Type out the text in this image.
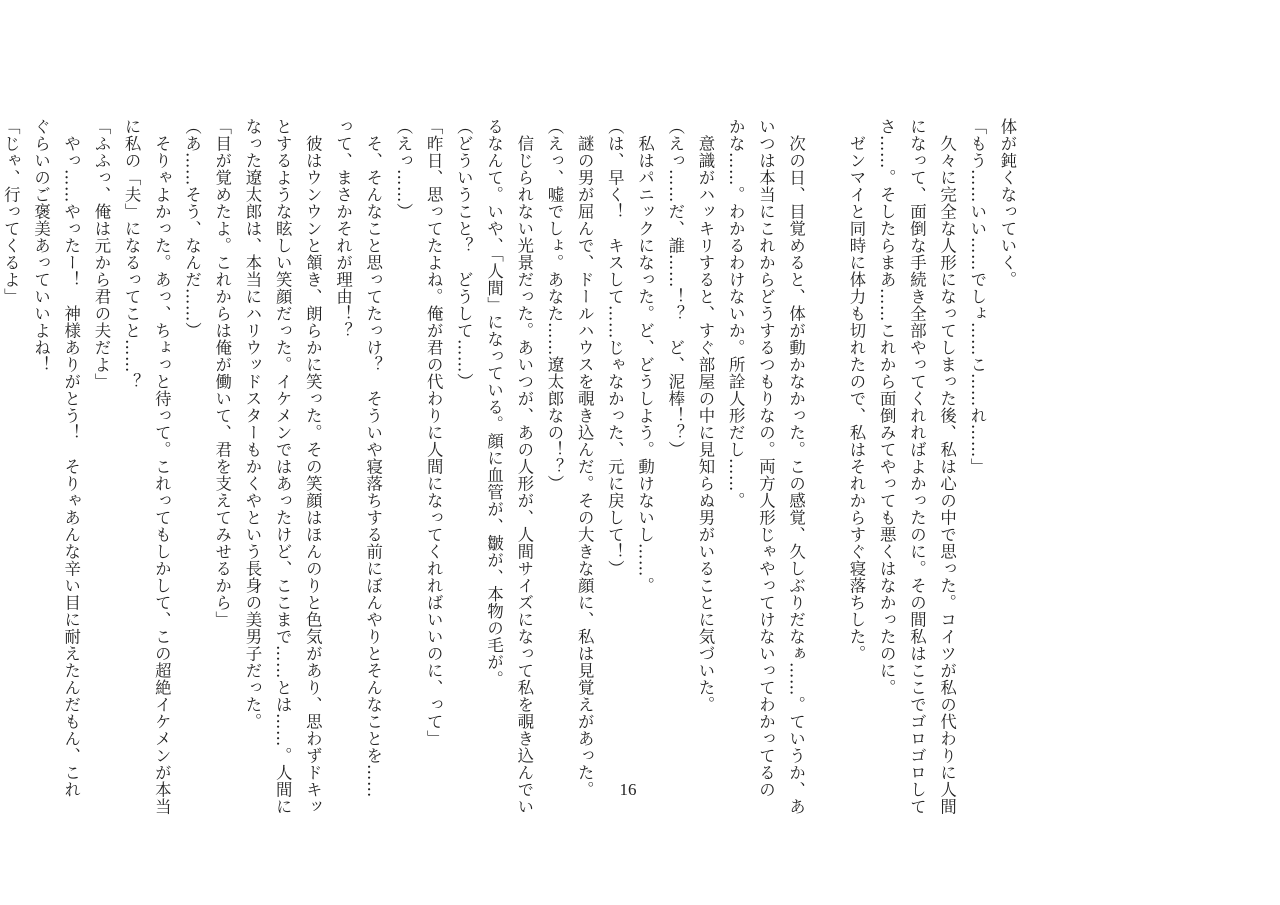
体が鈍くなっていく。

「もう……いい……でしょ……こ……れ……」

　久々に完全な人形になってしまった後、私は心の中で思った。コイツが私の代わりに人間

になって、面倒な手続き全部やってくれればよかったのに。その間私はここでゴロゴロして

さ……。そしたらまあ……これから面倒みてやっても悪くはなかったのに。

　ゼンマイと同時に体力も切れたので、私はそれからすぐ寝落ちした。

　次の日、目覚めると、体が動かなかった。この感覚、久しぶりだなぁ……。ていうか、あ

いつは本当にこれからどうするつもりなの。両方人形じゃやってけないってわかってるの

かな……。わかるわけないか。所詮人形だし……。

　意識がハッキリすると、すぐ部屋の中に見知らぬ男がいることに気づいた。

（えっ……だ、誰……！？　ど、泥棒！？）

　私はパニックになった。ど、どうしよう。動けないし……。

（は、早く！　キスして……じゃなかった、元に戻して！）

　謎の男が屈んで、ドールハウスを覗き込んだ。その大きな顔に、私は見覚えがあった。

（えっ、嘘でしょ。あなた……遼太郎なの！？）

　信じられない光景だった。あいつが、あの人形が、人間サイズになって私を覗き込んでい

るなんて。いや、「人間」になっている。顔に血管が、皺が、本物の毛が。

（どういうこと？　どうして……）

「昨日、思ってたよね。俺が君の代わりに人間になってくれればいいのに、って」

（えっ……）

　そ、そんなこと思ってたっけ？　そういや寝落ちする前にぼんやりとそんなことを……

って、まさかそれが理由！？

　彼はウンウンと頷き、朗らかに笑った。その笑顔はほんのりと色気があり、思わずドキッ

とするような眩しい笑顔だった。イケメンではあったけど、ここまで……とは……。人間に

なった遼太郎は、本当にハリウッドスターもかくやという長身の美男子だった。

「目が覚めたよ。これからは俺が働いて、君を支えてみせるから」

（あ……そう、なんだ……）

　そりゃよかった。あっ、ちょっと待って。これってもしかして、この超絶イケメンが本当

に私の「夫」になるってこと……？

「ふふっ、俺は元から君の夫だよ」

　やっ……やったー！　神様ありがとう！　そりゃあんな辛い目に耐えたんだもん、これ

ぐらいのご褒美あっていいよね！

「じゃ、行ってくるよ」

16
